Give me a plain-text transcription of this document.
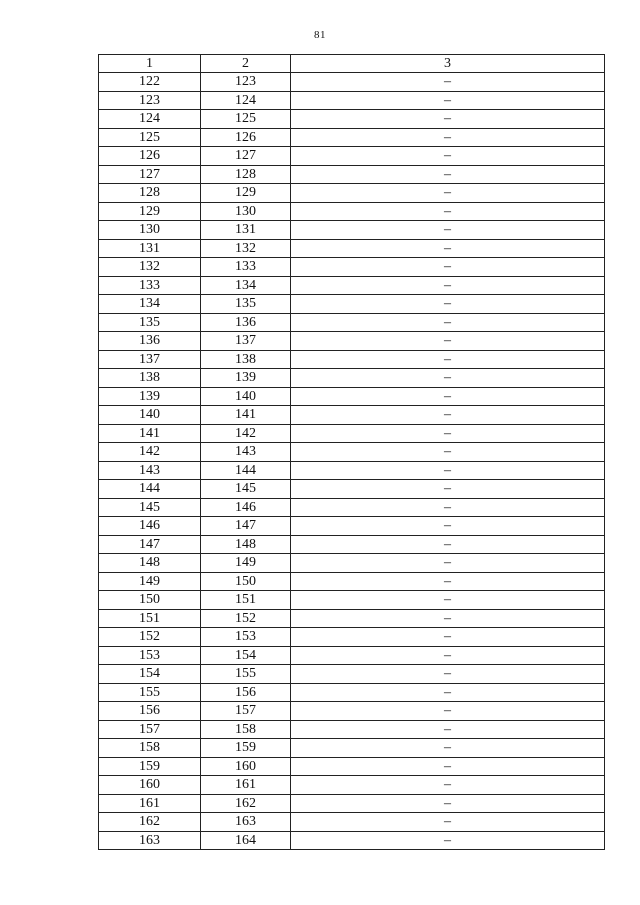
81
1	2	3
122	123	–
123	124	–
124	125	–
125	126	–
126	127	–
127	128	–
128	129	–
129	130	–
130	131	–
131	132	–
132	133	–
133	134	–
134	135	–
135	136	–
136	137	–
137	138	–
138	139	–
139	140	–
140	141	–
141	142	–
142	143	–
143	144	–
144	145	–
145	146	–
146	147	–
147	148	–
148	149	–
149	150	–
150	151	–
151	152	–
152	153	–
153	154	–
154	155	–
155	156	–
156	157	–
157	158	–
158	159	–
159	160	–
160	161	–
161	162	–
162	163	–
163	164	–
